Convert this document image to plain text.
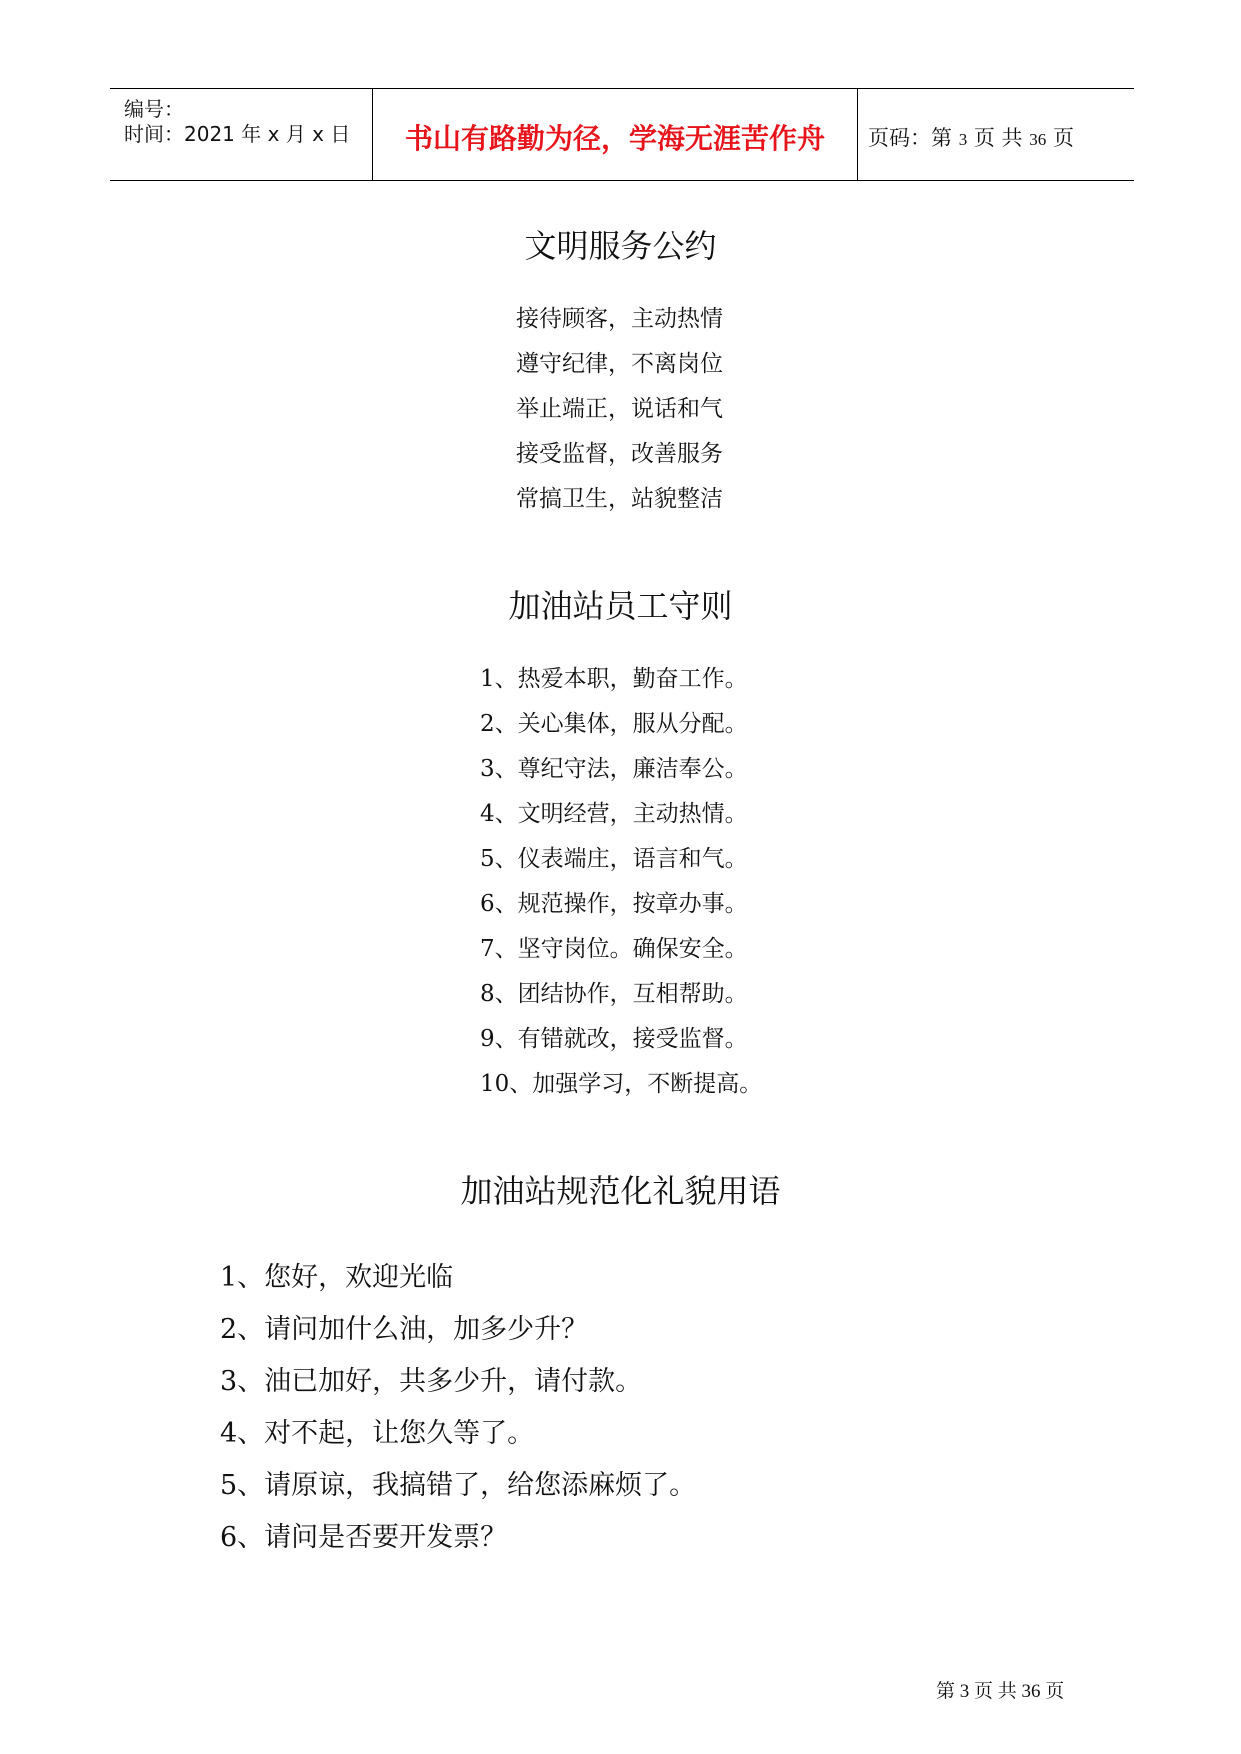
编号：
时间：2021 年 x 月 x 日	书山有路勤为径，学海无涯苦作舟	页码：第 3 页 共 36 页
文明服务公约
接待顾客，主动热情
遵守纪律，不离岗位
举止端正，说话和气
接受监督，改善服务
常搞卫生，站貌整洁
加油站员工守则
1、热爱本职，勤奋工作。
2、关心集体，服从分配。
3、尊纪守法，廉洁奉公。
4、文明经营，主动热情。
5、仪表端庄，语言和气。
6、规范操作，按章办事。
7、坚守岗位。确保安全。
8、团结协作，互相帮助。
9、有错就改，接受监督。
10、加强学习，不断提高。
加油站规范化礼貌用语
1、您好，欢迎光临
2、请问加什么油，加多少升？
3、油已加好，共多少升，请付款。
4、对不起，让您久等了。
5、请原谅，我搞错了，给您添麻烦了。
6、请问是否要开发票？
第 3 页 共 36 页
